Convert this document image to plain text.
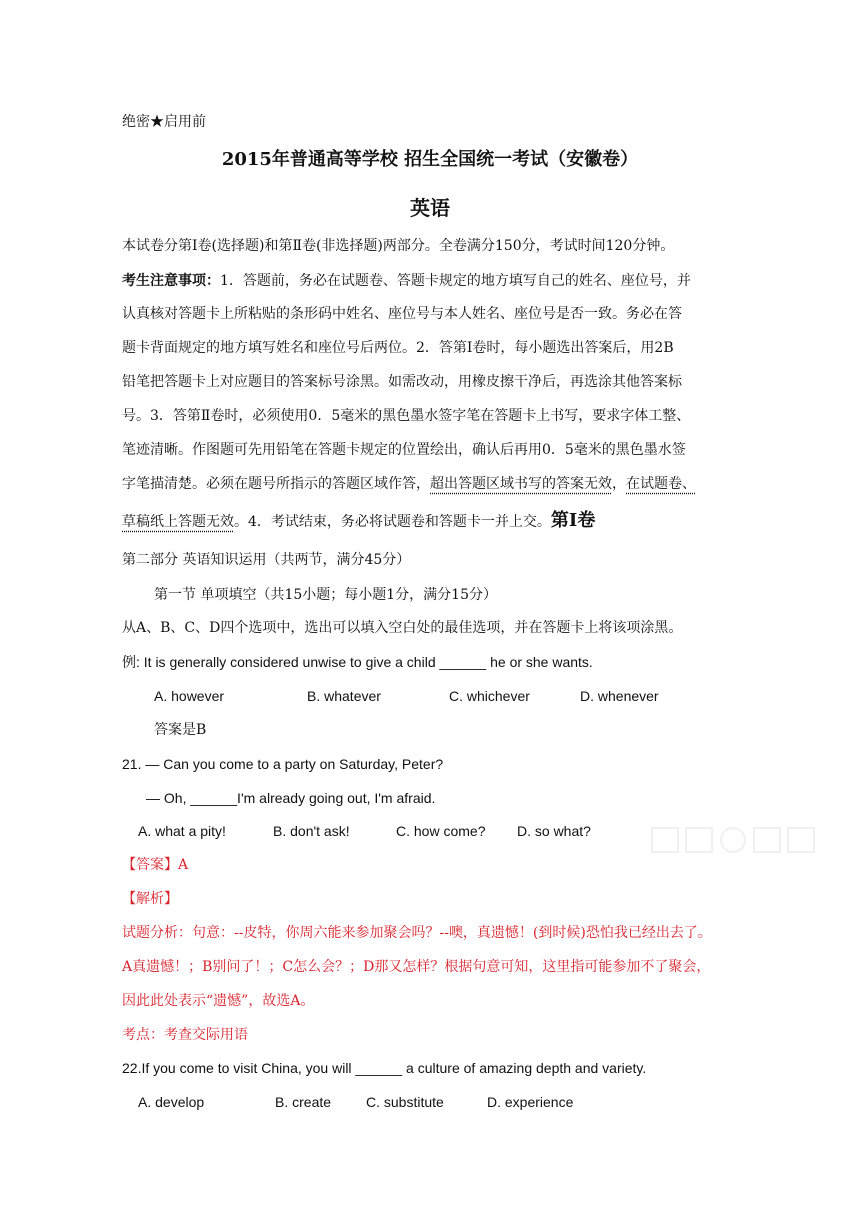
绝密★启用前
2015年普通高等学校 招生全国统一考试（安徽卷）
英语
本试卷分第Ⅰ卷(选择题)和第Ⅱ卷(非选择题)两部分。全卷满分150分，考试时间120分钟。
考生注意事项：1．答题前，务必在试题卷、答题卡规定的地方填写自己的姓名、座位号，并
认真核对答题卡上所粘贴的条形码中姓名、座位号与本人姓名、座位号是否一致。务必在答
题卡背面规定的地方填写姓名和座位号后两位。2．答第Ⅰ卷时，每小题选出答案后，用2B
铅笔把答题卡上对应题目的答案标号涂黑。如需改动，用橡皮擦干净后，再选涂其他答案标
号。3．答第Ⅱ卷时，必须使用0．5毫米的黑色墨水签字笔在答题卡上书写，要求字体工整、
笔迹清晰。作图题可先用铅笔在答题卡规定的位置绘出，确认后再用0．5毫米的黑色墨水签
字笔描清楚。必须在题号所指示的答题区域作答，超出答题区域书写的答案无效，在试题卷、
草稿纸上答题无效。4．考试结束，务必将试题卷和答题卡一并上交。第Ⅰ卷
第二部分 英语知识运用（共两节，满分45分）
第一节 单项填空（共15小题；每小题1分，满分15分）
从A、B、C、D四个选项中，选出可以填入空白处的最佳选项，并在答题卡上将该项涂黑。
例: It is generally considered unwise to give a child ______ he or she wants.
A. however	B. whatever	C. whichever	D. whenever
答案是B
21. — Can you come to a party on Saturday, Peter?
— Oh, ______I'm already going out, I'm afraid.
A. what a pity!	B. don't ask!	C. how come? D. so what?
【答案】A
【解析】
试题分析：句意：--皮特，你周六能来参加聚会吗？--噢，真遗憾！(到时候)恐怕我已经出去了。
A真遗憾！；B别问了！；C怎么会？；D那又怎样？根据句意可知，这里指可能参加不了聚会，
因此此处表示“遗憾”，故选A。
考点：考查交际用语
22.If you come to visit China, you will ______ a culture of amazing depth and variety.
A. develop	B. create C. substitute	D. experience
